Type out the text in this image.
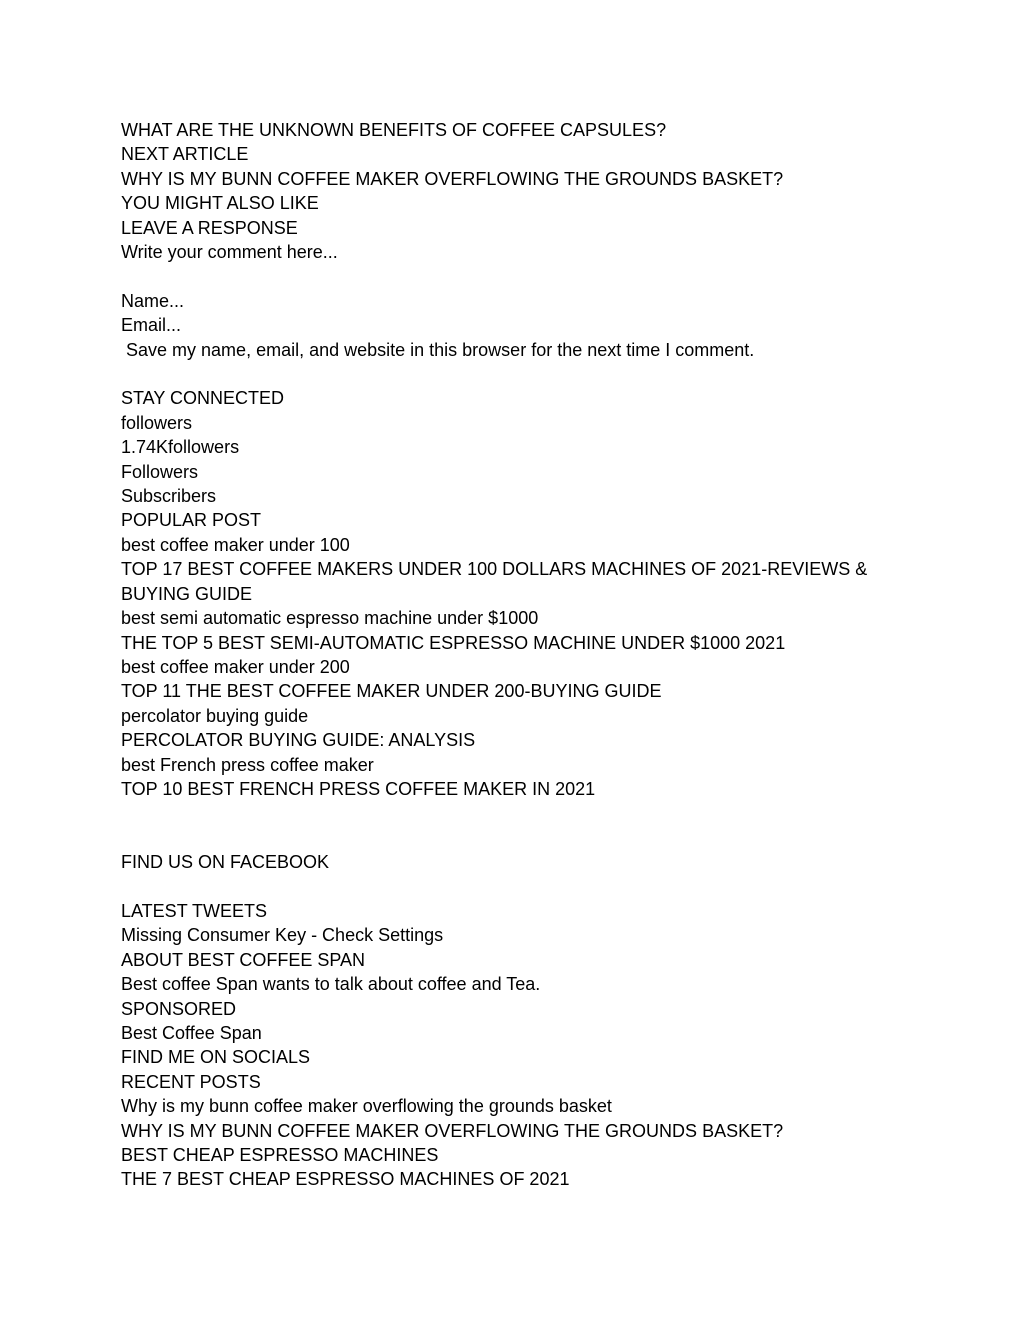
WHAT ARE THE UNKNOWN BENEFITS OF COFFEE CAPSULES?
NEXT ARTICLE
WHY IS MY BUNN COFFEE MAKER OVERFLOWING THE GROUNDS BASKET?
YOU MIGHT ALSO LIKE
LEAVE A RESPONSE
Write your comment here...
Name...
Email...
Save my name, email, and website in this browser for the next time I comment.
STAY CONNECTED
followers
1.74Kfollowers
Followers
Subscribers
POPULAR POST
best coffee maker under 100
TOP 17 BEST COFFEE MAKERS UNDER 100 DOLLARS MACHINES OF 2021-REVIEWS & BUYING GUIDE
best semi automatic espresso machine under $1000
THE TOP 5 BEST SEMI-AUTOMATIC ESPRESSO MACHINE UNDER $1000 2021
best coffee maker under 200
TOP 11 THE BEST COFFEE MAKER UNDER 200-BUYING GUIDE
percolator buying guide
PERCOLATOR BUYING GUIDE: ANALYSIS
best French press coffee maker
TOP 10 BEST FRENCH PRESS COFFEE MAKER IN 2021
FIND US ON FACEBOOK
LATEST TWEETS
Missing Consumer Key - Check Settings
ABOUT BEST COFFEE SPAN
Best coffee Span wants to talk about coffee and Tea.
SPONSORED
Best Coffee Span
FIND ME ON SOCIALS
RECENT POSTS
Why is my bunn coffee maker overflowing the grounds basket
WHY IS MY BUNN COFFEE MAKER OVERFLOWING THE GROUNDS BASKET?
BEST CHEAP ESPRESSO MACHINES
THE 7 BEST CHEAP ESPRESSO MACHINES OF 2021
